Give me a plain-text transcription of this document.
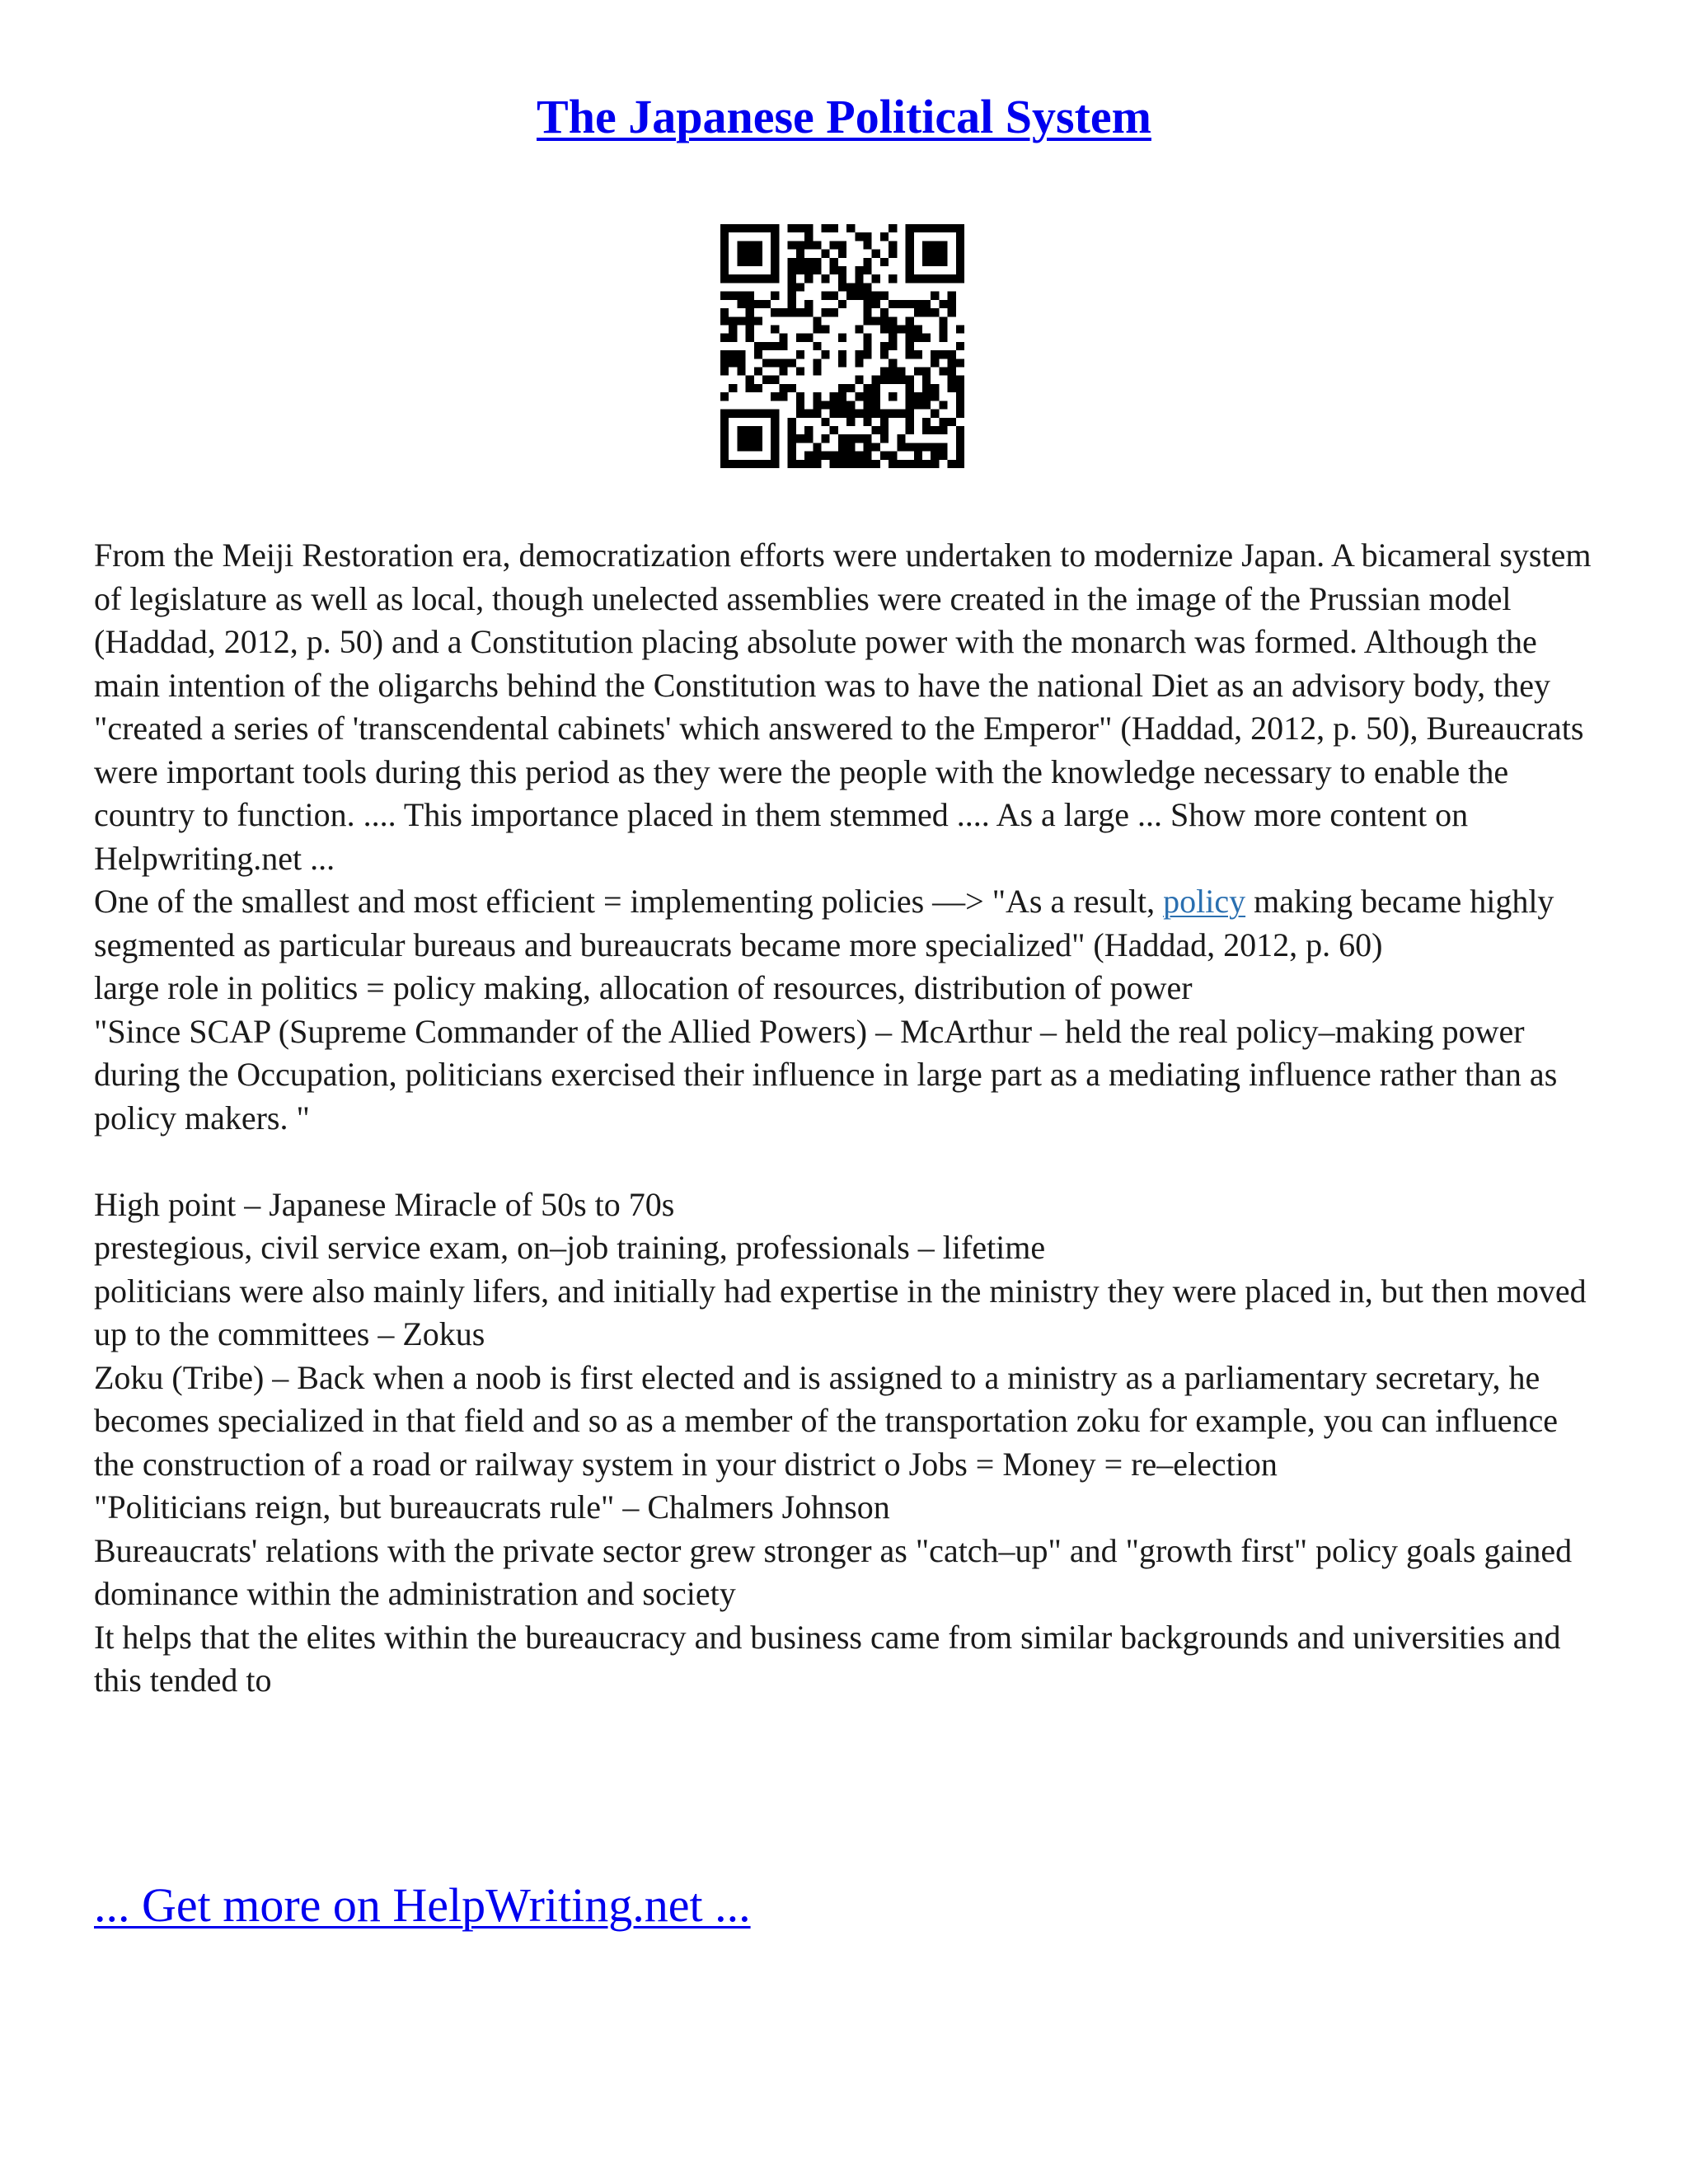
The Japanese Political System

From the Meiji Restoration era, democratization efforts were undertaken to modernize Japan. A bicameral system of legislature as well as local, though unelected assemblies were created in the image of the Prussian model (Haddad, 2012, p. 50) and a Constitution placing absolute power with the monarch was formed. Although the main intention of the oligarchs behind the Constitution was to have the national Diet as an advisory body, they "created a series of 'transcendental cabinets' which answered to the Emperor" (Haddad, 2012, p. 50), Bureaucrats were important tools during this period as they were the people with the knowledge necessary to enable the country to function. .... This importance placed in them stemmed .... As a large ... Show more content on Helpwriting.net ...

One of the smallest and most efficient = implementing policies —> "As a result, policy making became highly segmented as particular bureaus and bureaucrats became more specialized" (Haddad, 2012, p. 60)

large role in politics = policy making, allocation of resources, distribution of power

"Since SCAP (Supreme Commander of the Allied Powers) – McArthur – held the real policy–making power during the Occupation, politicians exercised their influence in large part as a mediating influence rather than as policy makers. "

High point – Japanese Miracle of 50s to 70s

prestegious, civil service exam, on–job training, professionals – lifetime

politicians were also mainly lifers, and initially had expertise in the ministry they were placed in, but then moved up to the committees – Zokus

Zoku (Tribe) – Back when a noob is first elected and is assigned to a ministry as a parliamentary secretary, he becomes specialized in that field and so as a member of the transportation zoku for example, you can influence the construction of a road or railway system in your district o Jobs = Money = re–election

"Politicians reign, but bureaucrats rule" – Chalmers Johnson

Bureaucrats' relations with the private sector grew stronger as "catch–up" and "growth first" policy goals gained dominance within the administration and society

It helps that the elites within the bureaucracy and business came from similar backgrounds and universities and this tended to

... Get more on HelpWriting.net ...
